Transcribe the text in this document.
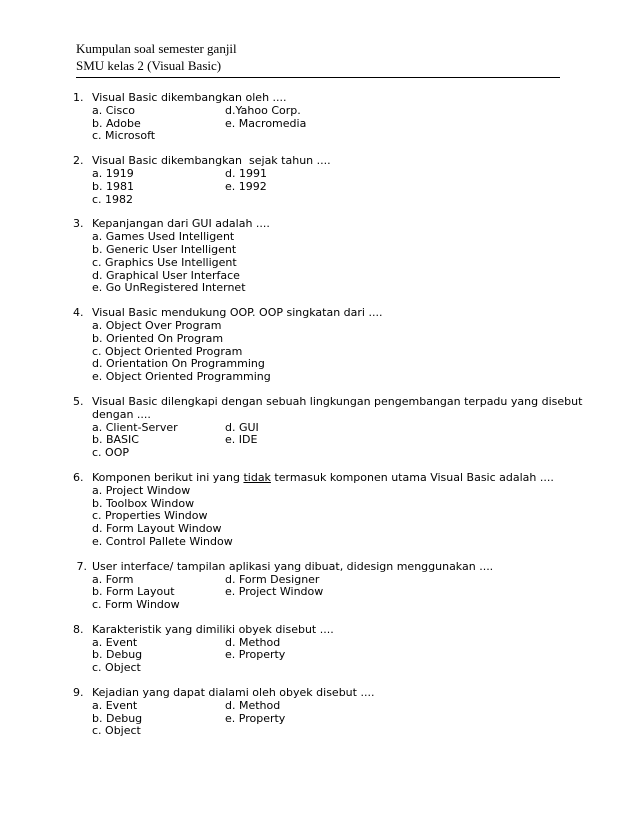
Kumpulan soal semester ganjil
SMU kelas 2 (Visual Basic)
1. Visual Basic dikembangkan oleh ....
a. Cisco	d.Yahoo Corp.
b. Adobe	e. Macromedia
c. Microsoft
2. Visual Basic dikembangkan  sejak tahun ....
a. 1919	d. 1991
b. 1981	e. 1992
c. 1982
3. Kepanjangan dari GUI adalah ....
a. Games Used Intelligent
b. Generic User Intelligent
c. Graphics Use Intelligent
d. Graphical User Interface
e. Go UnRegistered Internet
4. Visual Basic mendukung OOP. OOP singkatan dari ....
a. Object Over Program
b. Oriented On Program
c. Object Oriented Program
d. Orientation On Programming
e. Object Oriented Programming
5. Visual Basic dilengkapi dengan sebuah lingkungan pengembangan terpadu yang disebut
dengan ....
a. Client-Server	d. GUI
b. BASIC	e. IDE
c. OOP
6. Komponen berikut ini yang tidak termasuk komponen utama Visual Basic adalah ....
a. Project Window
b. Toolbox Window
c. Properties Window
d. Form Layout Window
e. Control Pallete Window
7. User interface/ tampilan aplikasi yang dibuat, didesign menggunakan ....
a. Form	d. Form Designer
b. Form Layout	e. Project Window
c. Form Window
8. Karakteristik yang dimiliki obyek disebut ....
a. Event	d. Method
b. Debug	e. Property
c. Object
9. Kejadian yang dapat dialami oleh obyek disebut ....
a. Event	d. Method
b. Debug	e. Property
c. Object
